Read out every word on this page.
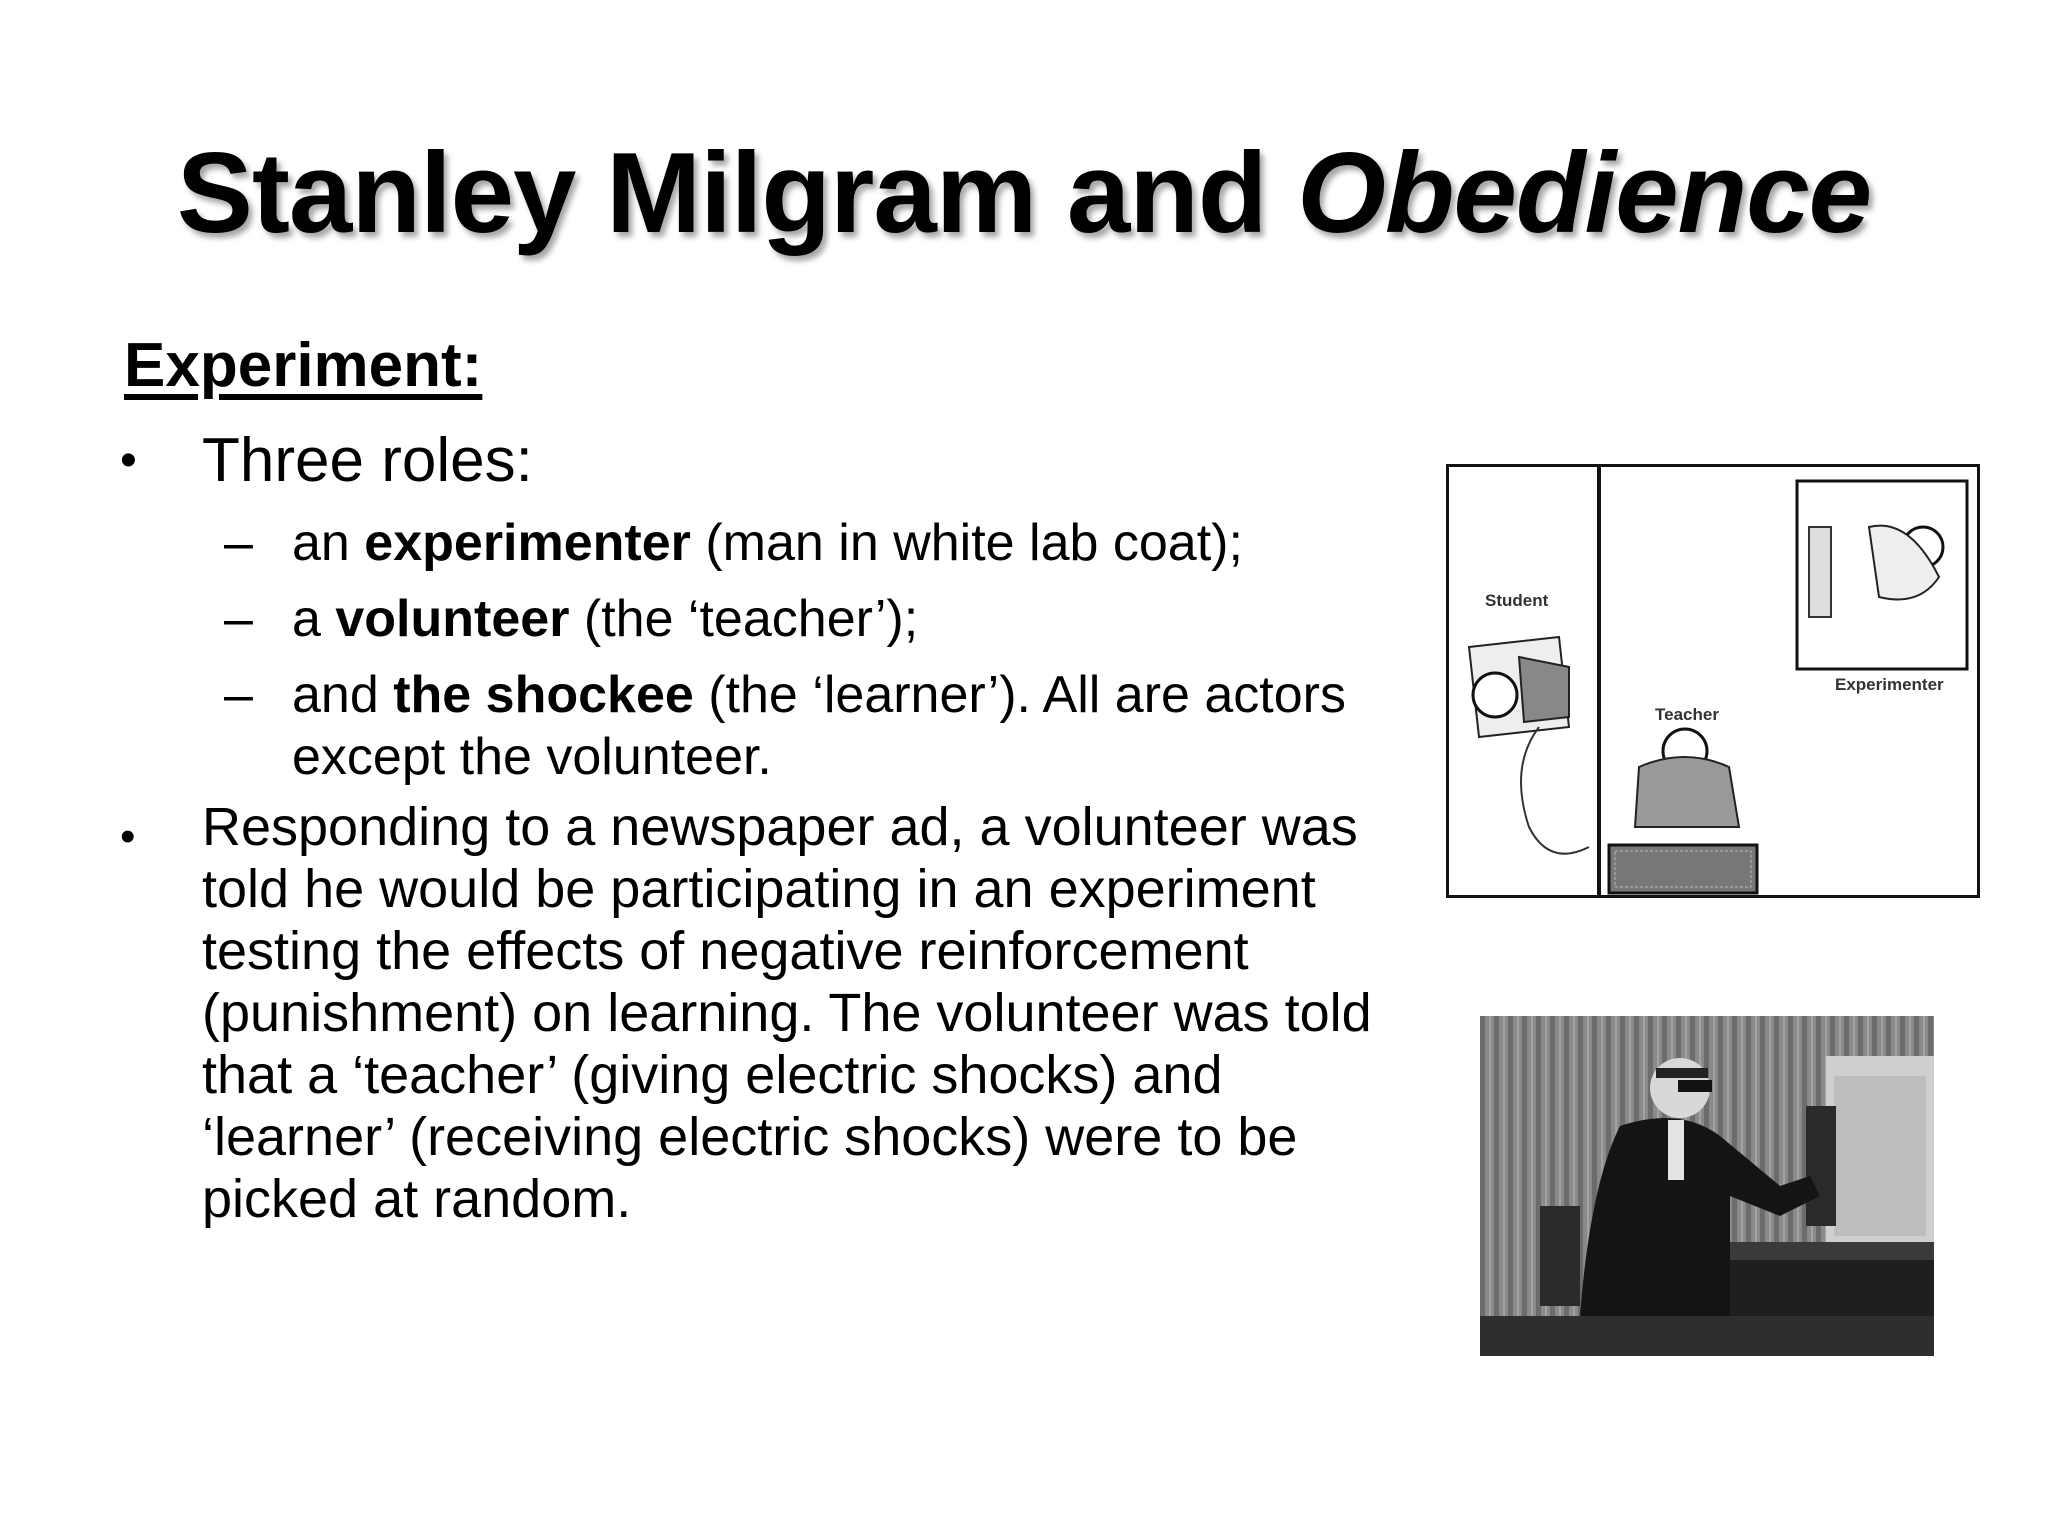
Stanley Milgram and Obedience
Experiment:
• Three roles:
– an experimenter (man in white lab coat);
– a volunteer (the ‘teacher’);
– and the shockee (the ‘learner’). All are actors except the volunteer.
• Responding to a newspaper ad, a volunteer was told he would be participating in an experiment testing the effects of negative reinforcement (punishment) on learning. The volunteer was told that a ‘teacher’ (giving electric shocks) and ‘learner’ (receiving electric shocks) were to be picked at random.
Student
Teacher
Experimenter
